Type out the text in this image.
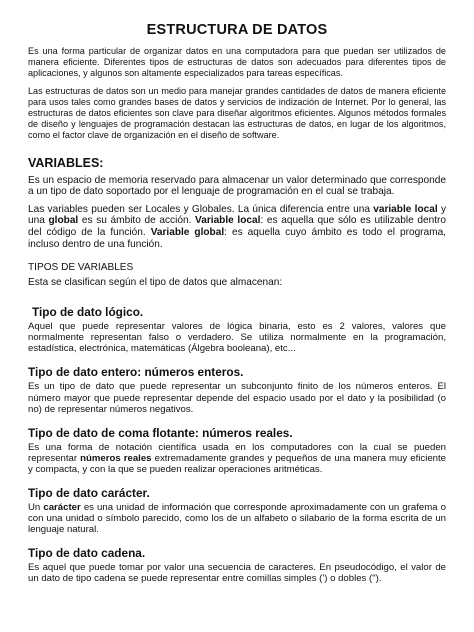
ESTRUCTURA DE DATOS

Es una forma particular de organizar datos en una computadora para que puedan ser utilizados de manera eficiente. Diferentes tipos de estructuras de datos son adecuados para diferentes tipos de aplicaciones, y algunos son altamente especializados para tareas específicas.

Las estructuras de datos son un medio para manejar grandes cantidades de datos de manera eficiente para usos tales como grandes bases de datos y servicios de indización de Internet. Por lo general, las estructuras de datos eficientes son clave para diseñar algoritmos eficientes. Algunos métodos formales de diseño y lenguajes de programación destacan las estructuras de datos, en lugar de los algoritmos, como el factor clave de organización en el diseño de software.

VARIABLES:

Es un espacio de memoria reservado para almacenar un valor determinado que corresponde a un tipo de dato soportado por el lenguaje de programación en el cual se trabaja.

Las variables pueden ser Locales y Globales. La única diferencia entre una variable local y una global es su ámbito de acción. Variable local: es aquella que sólo es utilizable dentro del código de la función. Variable global: es aquella cuyo ámbito es todo el programa, incluso dentro de una función.

TIPOS DE VARIABLES
Esta se clasifican según el tipo de datos que almacenan:
Tipo de dato lógico.

Aquel que puede representar valores de lógica binaria, esto es 2 valores, valores que normalmente representan falso o verdadero. Se utiliza normalmente en la programación, estadística, electrónica, matemáticas (Álgebra booleana), etc...

Tipo de dato entero: números enteros.

Es un tipo de dato que puede representar un subconjunto finito de los números enteros. El número mayor que puede representar depende del espacio usado por el dato y la posibilidad (o no) de representar números negativos.

Tipo de dato de coma flotante: números reales.

Es una forma de notación científica usada en los computadores con la cual se pueden representar números reales extremadamente grandes y pequeños de una manera muy eficiente y compacta, y con la que se pueden realizar operaciones aritméticas.

Tipo de dato carácter.

Un carácter es una unidad de información que corresponde aproximadamente con un grafema o con una unidad o símbolo parecido, como los de un alfabeto o silabario de la forma escrita de un lenguaje natural.

Tipo de dato cadena.

Es aquel que puede tomar por valor una secuencia de caracteres. En pseudocódigo, el valor de un dato de tipo cadena se puede representar entre comillas simples (') o dobles (").
